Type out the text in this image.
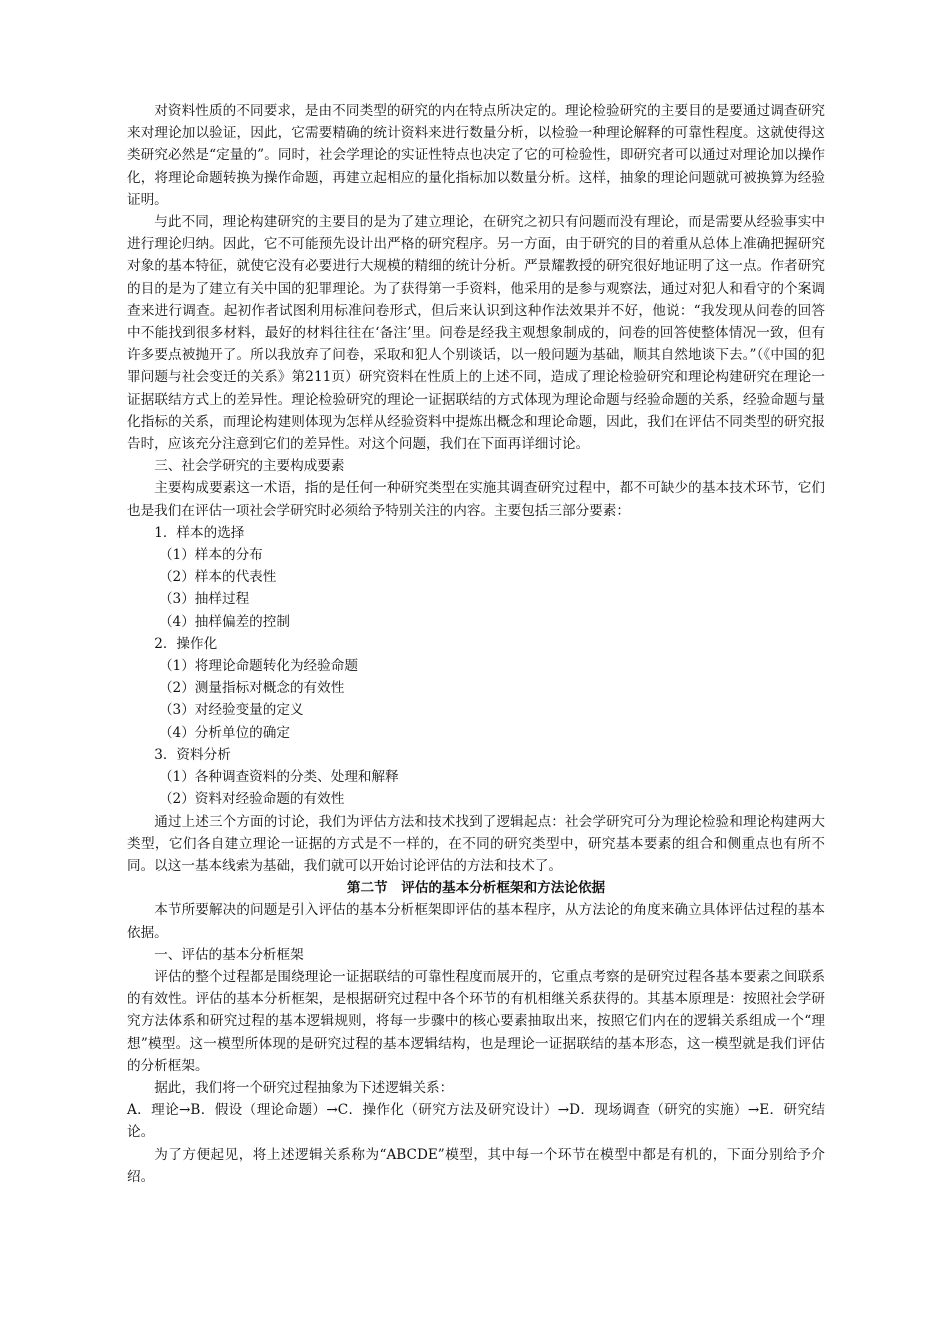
对资料性质的不同要求，是由不同类型的研究的内在特点所决定的。理论检验研究的主要目的是要通过调查研究来对理论加以验证，因此，它需要精确的统计资料来进行数量分析，以检验一种理论解释的可靠性程度。这就使得这类研究必然是“定量的”。同时，社会学理论的实证性特点也决定了它的可检验性，即研究者可以通过对理论加以操作化，将理论命题转换为操作命题，再建立起相应的量化指标加以数量分析。这样，抽象的理论问题就可被换算为经验证明。

与此不同，理论构建研究的主要目的是为了建立理论，在研究之初只有问题而没有理论，而是需要从经验事实中进行理论归纳。因此，它不可能预先设计出严格的研究程序。另一方面，由于研究的目的着重从总体上准确把握研究对象的基本特征，就使它没有必要进行大规模的精细的统计分析。严景耀教授的研究很好地证明了这一点。作者研究的目的是为了建立有关中国的犯罪理论。为了获得第一手资料，他采用的是参与观察法，通过对犯人和看守的个案调查来进行调查。起初作者试图利用标准问卷形式，但后来认识到这种作法效果并不好，他说：“我发现从问卷的回答中不能找到很多材料，最好的材料往往在‘备注’里。问卷是经我主观想象制成的，问卷的回答使整体情况一致，但有许多要点被抛开了。所以我放弃了问卷，采取和犯人个别谈话，以一般问题为基础，顺其自然地谈下去。”（《中国的犯罪问题与社会变迁的关系》第211页）研究资料在性质上的上述不同，造成了理论检验研究和理论构建研究在理论一证据联结方式上的差异性。理论检验研究的理论一证据联结的方式体现为理论命题与经验命题的关系，经验命题与量化指标的关系，而理论构建则体现为怎样从经验资料中提炼出概念和理论命题，因此，我们在评估不同类型的研究报告时，应该充分注意到它们的差异性。对这个问题，我们在下面再详细讨论。

三、社会学研究的主要构成要素

主要构成要素这一术语，指的是任何一种研究类型在实施其调查研究过程中，都不可缺少的基本技术环节，它们也是我们在评估一项社会学研究时必须给予特别关注的内容。主要包括三部分要素：

1．样本的选择

（1）样本的分布

（2）样本的代表性

（3）抽样过程

（4）抽样偏差的控制

2．操作化

（1）将理论命题转化为经验命题

（2）测量指标对概念的有效性

（3）对经验变量的定义

（4）分析单位的确定

3．资料分析

（1）各种调查资料的分类、处理和解释

（2）资料对经验命题的有效性

通过上述三个方面的讨论，我们为评估方法和技术找到了逻辑起点：社会学研究可分为理论检验和理论构建两大类型，它们各自建立理论一证据的方式是不一样的，在不同的研究类型中，研究基本要素的组合和侧重点也有所不同。以这一基本线索为基础，我们就可以开始讨论评估的方法和技术了。

第二节　评估的基本分析框架和方法论依据

本节所要解决的问题是引入评估的基本分析框架即评估的基本程序，从方法论的角度来确立具体评估过程的基本依据。

一、评估的基本分析框架

评估的整个过程都是围绕理论一证据联结的可靠性程度而展开的，它重点考察的是研究过程各基本要素之间联系的有效性。评估的基本分析框架，是根据研究过程中各个环节的有机相继关系获得的。其基本原理是：按照社会学研究方法体系和研究过程的基本逻辑规则，将每一步骤中的核心要素抽取出来，按照它们内在的逻辑关系组成一个“理想”模型。这一模型所体现的是研究过程的基本逻辑结构，也是理论一证据联结的基本形态，这一模型就是我们评估的分析框架。

据此，我们将一个研究过程抽象为下述逻辑关系：

A．理论→B．假设（理论命题）→C．操作化（研究方法及研究设计）→D．现场调查（研究的实施）→E．研究结论。

为了方便起见，将上述逻辑关系称为“ABCDE”模型，其中每一个环节在模型中都是有机的，下面分别给予介绍。
